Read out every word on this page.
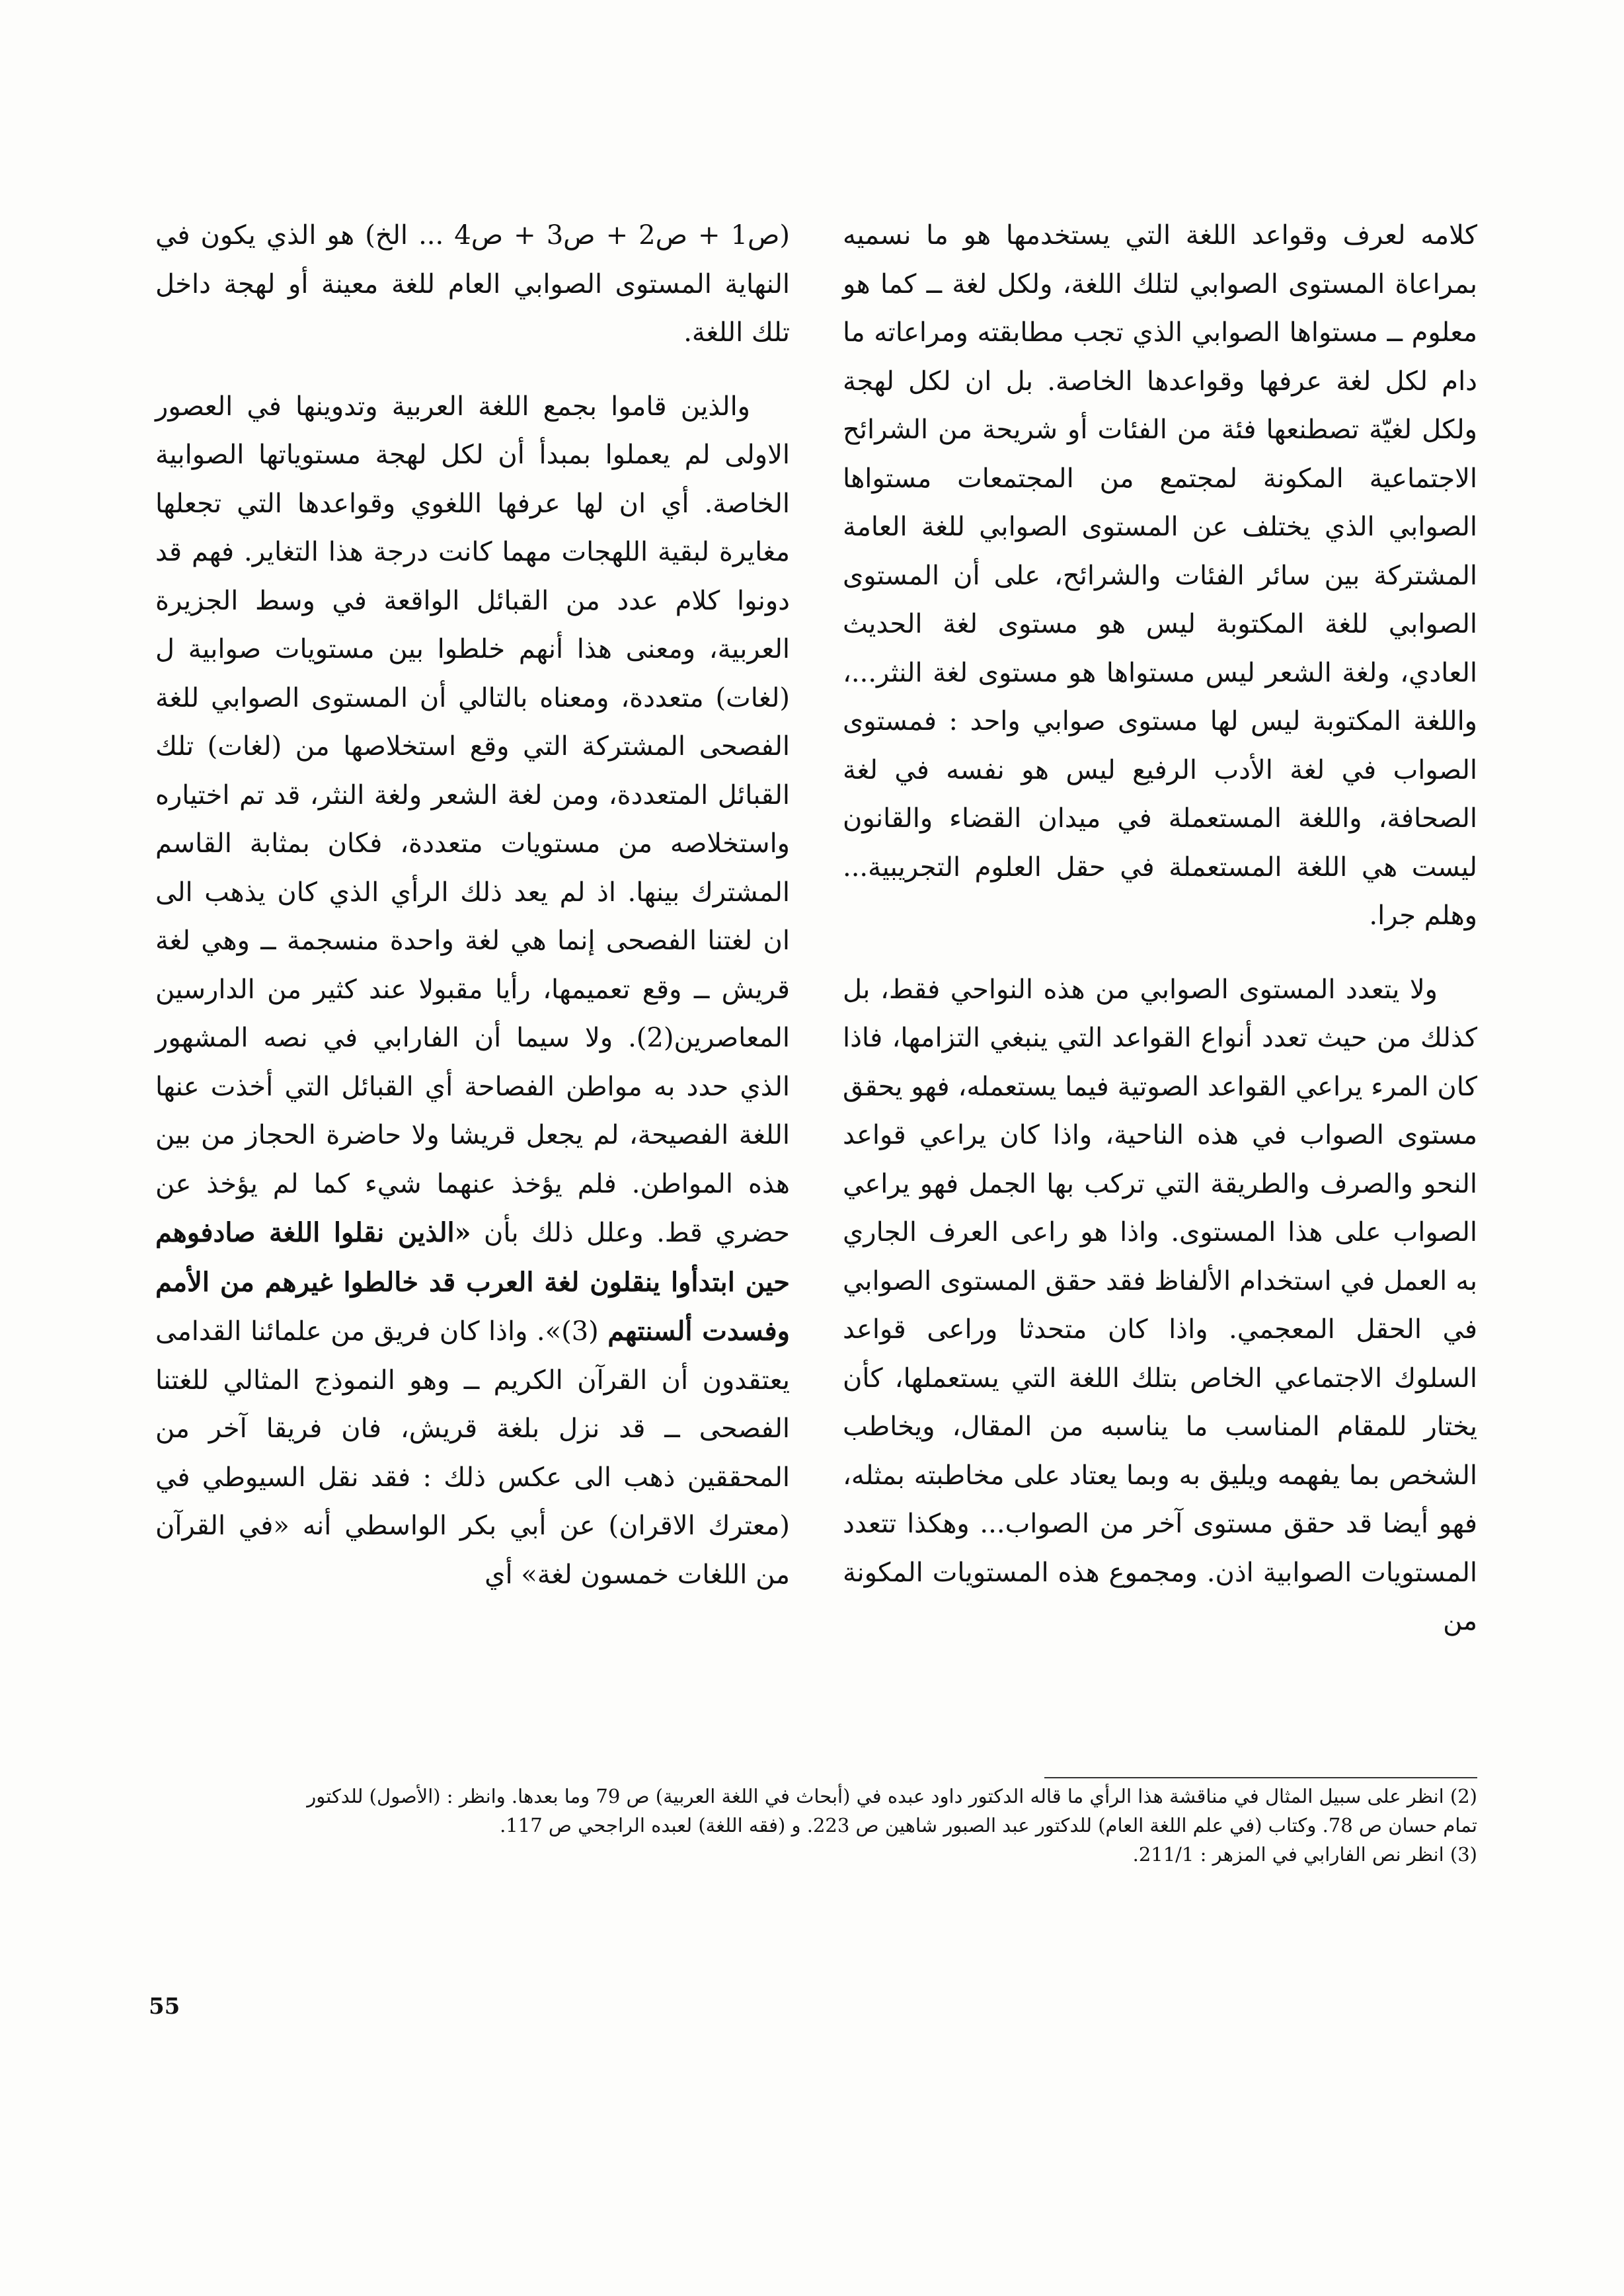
كلامه لعرف وقواعد اللغة التي يستخدمها هو ما نسميه بمراعاة المستوى الصوابي لتلك اللغة، ولكل لغة ــ كما هو معلوم ــ مستواها الصوابي الذي تجب مطابقته ومراعاته ما دام لكل لغة عرفها وقواعدها الخاصة. بل ان لكل لهجة ولكل لغيّة تصطنعها فئة من الفئات أو شريحة من الشرائح الاجتماعية المكونة لمجتمع من المجتمعات مستواها الصوابي الذي يختلف عن المستوى الصوابي للغة العامة المشتركة بين سائر الفئات والشرائح، على أن المستوى الصوابي للغة المكتوبة ليس هو مستوى لغة الحديث العادي، ولغة الشعر ليس مستواها هو مستوى لغة النثر...، واللغة المكتوبة ليس لها مستوى صوابي واحد : فمستوى الصواب في لغة الأدب الرفيع ليس هو نفسه في لغة الصحافة، واللغة المستعملة في ميدان القضاء والقانون ليست هي اللغة المستعملة في حقل العلوم التجريبية... وهلم جرا.

ولا يتعدد المستوى الصوابي من هذه النواحي فقط، بل كذلك من حيث تعدد أنواع القواعد التي ينبغي التزامها، فاذا كان المرء يراعي القواعد الصوتية فيما يستعمله، فهو يحقق مستوى الصواب في هذه الناحية، واذا كان يراعي قواعد النحو والصرف والطريقة التي تركب بها الجمل فهو يراعي الصواب على هذا المستوى. واذا هو راعى العرف الجاري به العمل في استخدام الألفاظ فقد حقق المستوى الصوابي في الحقل المعجمي. واذا كان متحدثا وراعى قواعد السلوك الاجتماعي الخاص بتلك اللغة التي يستعملها، كأن يختار للمقام المناسب ما يناسبه من المقال، ويخاطب الشخص بما يفهمه ويليق به وبما يعتاد على مخاطبته بمثله، فهو أيضا قد حقق مستوى آخر من الصواب... وهكذا تتعدد المستويات الصوابية اذن. ومجموع هذه المستويات المكونة من

(ص1 + ص2 + ص3 + ص4 ... الخ) هو الذي يكون في النهاية المستوى الصوابي العام للغة معينة أو لهجة داخل تلك اللغة.

والذين قاموا بجمع اللغة العربية وتدوينها في العصور الاولى لم يعملوا بمبدأ أن لكل لهجة مستوياتها الصوابية الخاصة. أي ان لها عرفها اللغوي وقواعدها التي تجعلها مغايرة لبقية اللهجات مهما كانت درجة هذا التغاير. فهم قد دونوا كلام عدد من القبائل الواقعة في وسط الجزيرة العربية، ومعنى هذا أنهم خلطوا بين مستويات صوابية ل (لغات) متعددة، ومعناه بالتالي أن المستوى الصوابي للغة الفصحى المشتركة التي وقع استخلاصها من (لغات) تلك القبائل المتعددة، ومن لغة الشعر ولغة النثر، قد تم اختياره واستخلاصه من مستويات متعددة، فكان بمثابة القاسم المشترك بينها. اذ لم يعد ذلك الرأي الذي كان يذهب الى ان لغتنا الفصحى إنما هي لغة واحدة منسجمة ــ وهي لغة قريش ــ وقع تعميمها، رأيا مقبولا عند كثير من الدارسين المعاصرين(2). ولا سيما أن الفارابي في نصه المشهور الذي حدد به مواطن الفصاحة أي القبائل التي أخذت عنها اللغة الفصيحة، لم يجعل قريشا ولا حاضرة الحجاز من بين هذه المواطن. فلم يؤخذ عنهما شيء كما لم يؤخذ عن حضري قط. وعلل ذلك بأن «الذين نقلوا اللغة صادفوهم حين ابتدأوا ينقلون لغة العرب قد خالطوا غيرهم من الأمم وفسدت ألسنتهم (3)». واذا كان فريق من علمائنا القدامى يعتقدون أن القرآن الكريم ــ وهو النموذج المثالي للغتنا الفصحى ــ قد نزل بلغة قريش، فان فريقا آخر من المحققين ذهب الى عكس ذلك : فقد نقل السيوطي في (معترك الاقران) عن أبي بكر الواسطي أنه «في القرآن من اللغات خمسون لغة» أي

(2) انظر على سبيل المثال في مناقشة هذا الرأي ما قاله الدكتور داود عبده في (أبحاث في اللغة العربية) ص 79 وما بعدها. وانظر : (الأصول) للدكتور

تمام حسان ص 78. وكتاب (في علم اللغة العام) للدكتور عبد الصبور شاهين ص 223. و (فقه اللغة) لعبده الراجحي ص 117.

(3) انظر نص الفارابي في المزهر : 211/1.

55
